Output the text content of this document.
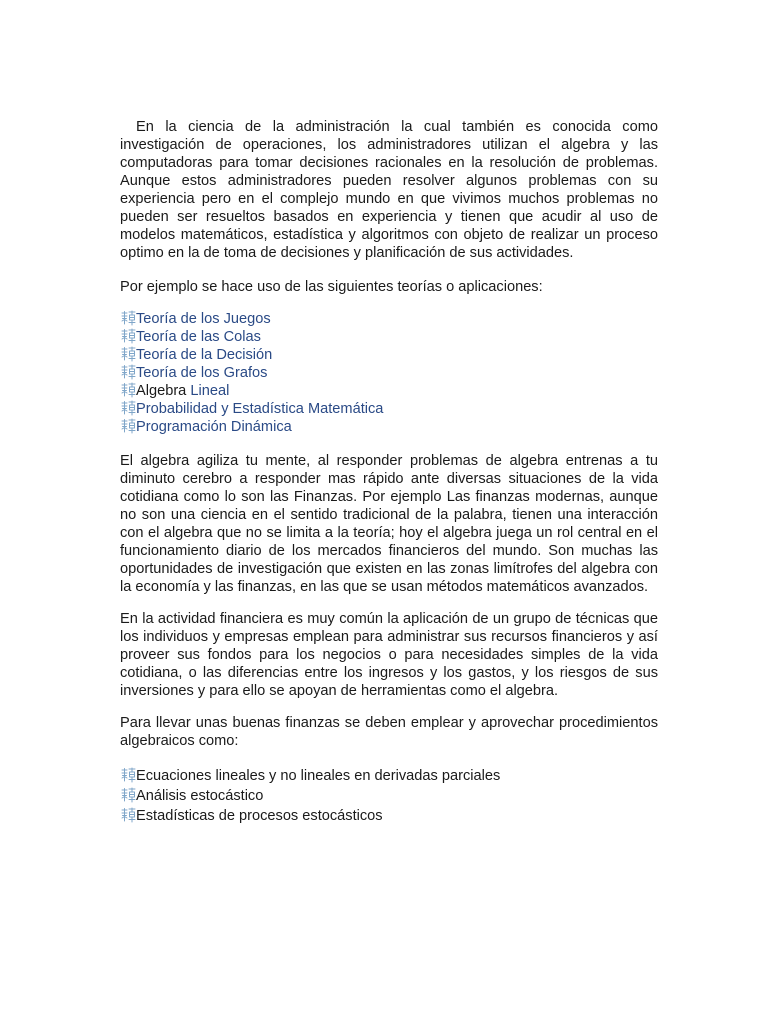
En la ciencia de la administración la cual también es conocida como investigación de operaciones, los administradores utilizan el algebra y las computadoras para tomar decisiones racionales en la resolución de problemas. Aunque estos administradores pueden resolver algunos problemas con su experiencia pero en el complejo mundo en que vivimos muchos problemas no pueden ser resueltos basados en experiencia y tienen que acudir al uso de modelos matemáticos, estadística y algoritmos con objeto de realizar un proceso optimo en la de toma de decisiones y planificación de sus actividades.

Por ejemplo se hace uso de las siguientes teorías o aplicaciones:

Teoría de los Juegos
Teoría de las Colas
Teoría de la Decisión
Teoría de los Grafos
Algebra Lineal
Probabilidad y Estadística Matemática
Programación Dinámica

El algebra agiliza tu mente, al responder problemas de algebra entrenas a tu diminuto cerebro a responder mas rápido ante diversas situaciones de la vida cotidiana como lo son las Finanzas. Por ejemplo Las finanzas modernas, aunque no son una ciencia en el sentido tradicional de la palabra, tienen una interacción con el algebra que no se limita a la teoría; hoy el algebra juega un rol central en el funcionamiento diario de los mercados financieros del mundo. Son muchas las oportunidades de investigación que existen en las zonas limítrofes del algebra con la economía y las finanzas, en las que se usan métodos matemáticos avanzados.

En la actividad financiera es muy común la aplicación de un grupo de técnicas que los individuos y empresas emplean para administrar sus recursos financieros y así proveer sus fondos para los negocios o para necesidades simples de la vida cotidiana, o las diferencias entre los ingresos y los gastos, y los riesgos de sus inversiones y para ello se apoyan de herramientas como el algebra.

Para llevar unas buenas finanzas se deben emplear y aprovechar procedimientos algebraicos como:

Ecuaciones lineales y no lineales en derivadas parciales
Análisis estocástico
Estadísticas de procesos estocásticos
